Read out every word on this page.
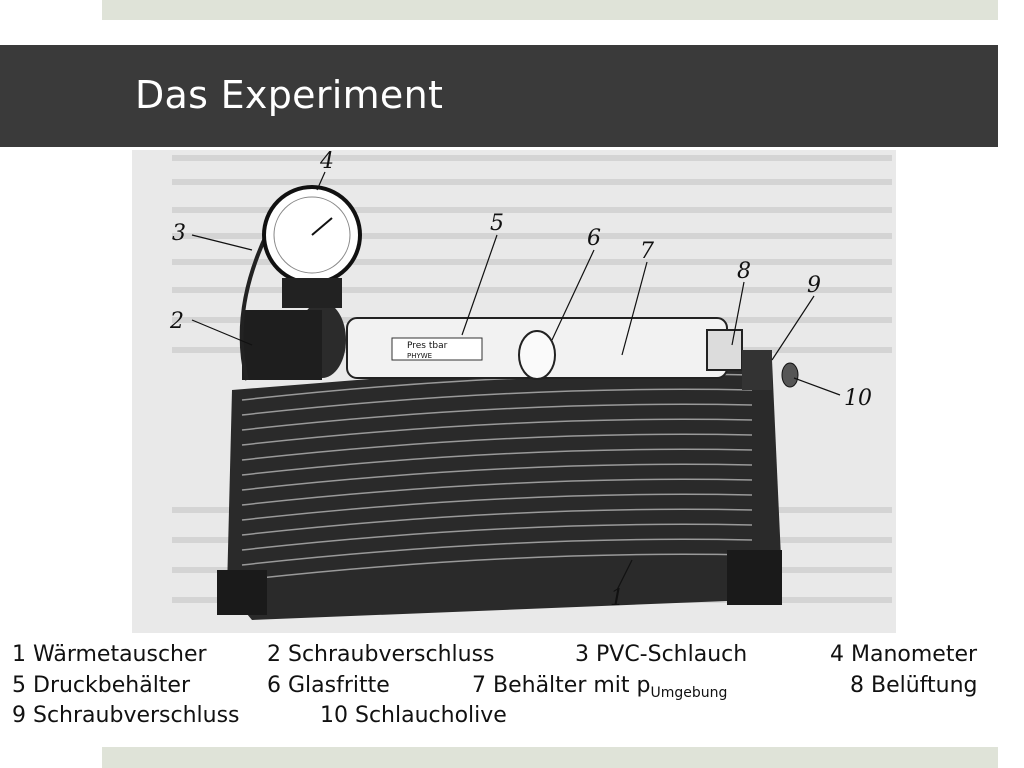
Das Experiment
Pres tbar
PHYWE
1
2
3
4
5
6
7
8
9
10
1 Wärmetauscher	2 Schraubverschluss	3 PVC-Schlauch	4 Manometer
5 Druckbehälter	6 Glasfritte	7 Behälter mit $p_{Umgebung}$	8 Belüftung
9 Schraubverschluss	10 Schlaucholive
